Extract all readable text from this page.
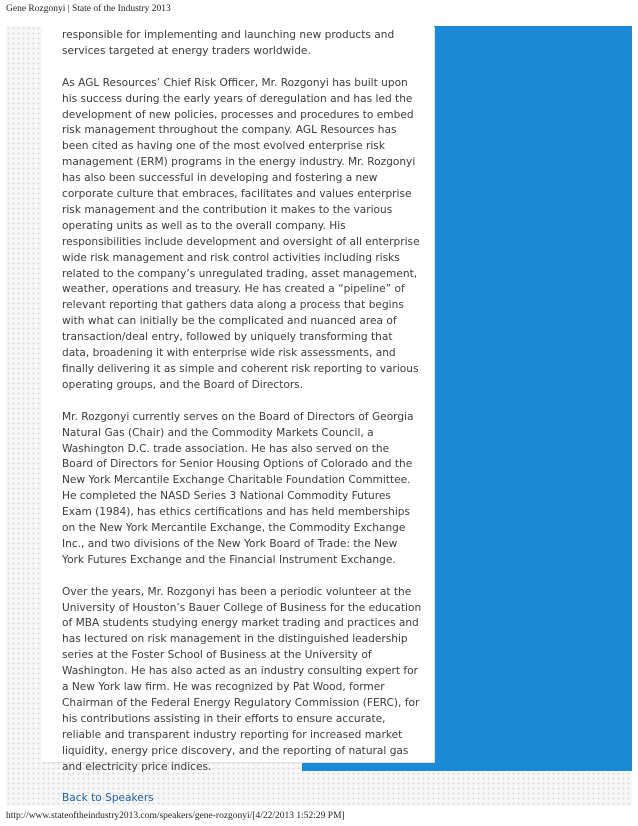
Gene Rozgonyi | State of the Industry 2013

responsible for implementing and launching new products and services targeted at energy traders worldwide.

As AGL Resources’ Chief Risk Officer, Mr. Rozgonyi has built upon his success during the early years of deregulation and has led the development of new policies, processes and procedures to embed risk management throughout the company. AGL Resources has been cited as having one of the most evolved enterprise risk management (ERM) programs in the energy industry. Mr. Rozgonyi has also been successful in developing and fostering a new corporate culture that embraces, facilitates and values enterprise risk management and the contribution it makes to the various operating units as well as to the overall company. His responsibilities include development and oversight of all enterprise wide risk management and risk control activities including risks related to the company’s unregulated trading, asset management, weather, operations and treasury. He has created a “pipeline” of relevant reporting that gathers data along a process that begins with what can initially be the complicated and nuanced area of transaction/deal entry, followed by uniquely transforming that data, broadening it with enterprise wide risk assessments, and finally delivering it as simple and coherent risk reporting to various operating groups, and the Board of Directors.

Mr. Rozgonyi currently serves on the Board of Directors of Georgia Natural Gas (Chair) and the Commodity Markets Council, a Washington D.C. trade association. He has also served on the Board of Directors for Senior Housing Options of Colorado and the New York Mercantile Exchange Charitable Foundation Committee. He completed the NASD Series 3 National Commodity Futures Exam (1984), has ethics certifications and has held memberships on the New York Mercantile Exchange, the Commodity Exchange Inc., and two divisions of the New York Board of Trade: the New York Futures Exchange and the Financial Instrument Exchange.

Over the years, Mr. Rozgonyi has been a periodic volunteer at the University of Houston’s Bauer College of Business for the education of MBA students studying energy market trading and practices and has lectured on risk management in the distinguished leadership series at the Foster School of Business at the University of Washington. He has also acted as an industry consulting expert for a New York law firm. He was recognized by Pat Wood, former Chairman of the Federal Energy Regulatory Commission (FERC), for his contributions assisting in their efforts to ensure accurate, reliable and transparent industry reporting for increased market liquidity, energy price discovery, and the reporting of natural gas and electricity price indices.

Back to Speakers

http://www.stateoftheindustry2013.com/speakers/gene-rozgonyi/[4/22/2013 1:52:29 PM]
